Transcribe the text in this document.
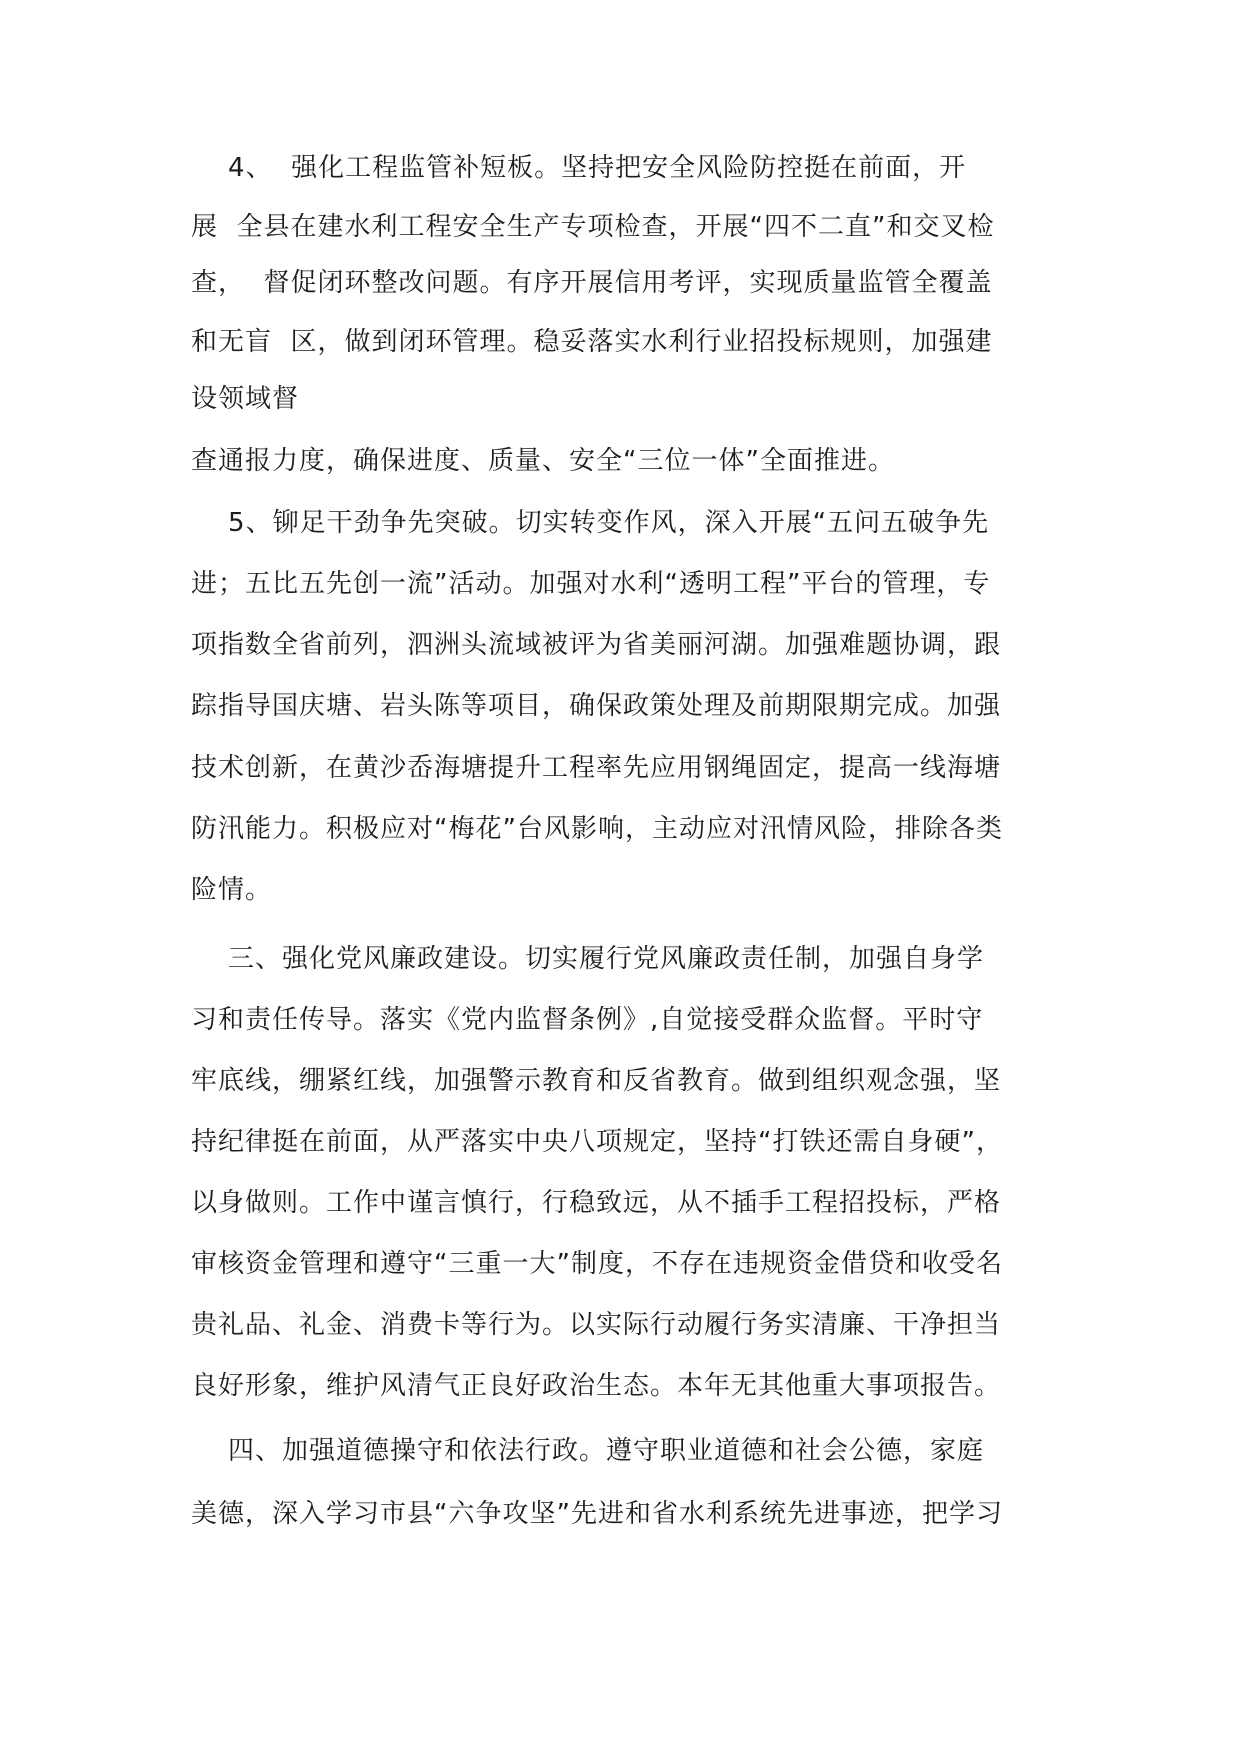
4、  强化工程监管补短板。坚持把安全风险防控挺在前面，开

展  全县在建水利工程安全生产专项检查，开展“四不二直”和交叉检

查，  督促闭环整改问题。有序开展信用考评，实现质量监管全覆盖

和无盲  区，做到闭环管理。稳妥落实水利行业招投标规则，加强建

设领域督

查通报力度，确保进度、质量、安全“三位一体”全面推进。

5、铆足干劲争先突破。切实转变作风，深入开展“五问五破争先

进；五比五先创一流”活动。加强对水利“透明工程”平台的管理，专

项指数全省前列，泗洲头流域被评为省美丽河湖。加强难题协调，跟

踪指导国庆塘、岩头陈等项目，确保政策处理及前期限期完成。加强

技术创新，在黄沙岙海塘提升工程率先应用钢绳固定，提高一线海塘

防汛能力。积极应对“梅花”台风影响，主动应对汛情风险，排除各类

险情。

三、强化党风廉政建设。切实履行党风廉政责任制，加强自身学

习和责任传导。落实《党内监督条例》,自觉接受群众监督。平时守

牢底线，绷紧红线，加强警示教育和反省教育。做到组织观念强，坚

持纪律挺在前面，从严落实中央八项规定，坚持“打铁还需自身硬”，

以身做则。工作中谨言慎行，行稳致远，从不插手工程招投标，严格

审核资金管理和遵守“三重一大”制度，不存在违规资金借贷和收受名

贵礼品、礼金、消费卡等行为。以实际行动履行务实清廉、干净担当

良好形象，维护风清气正良好政治生态。本年无其他重大事项报告。

四、加强道德操守和依法行政。遵守职业道德和社会公德，家庭

美德，深入学习市县“六争攻坚”先进和省水利系统先进事迹，把学习
